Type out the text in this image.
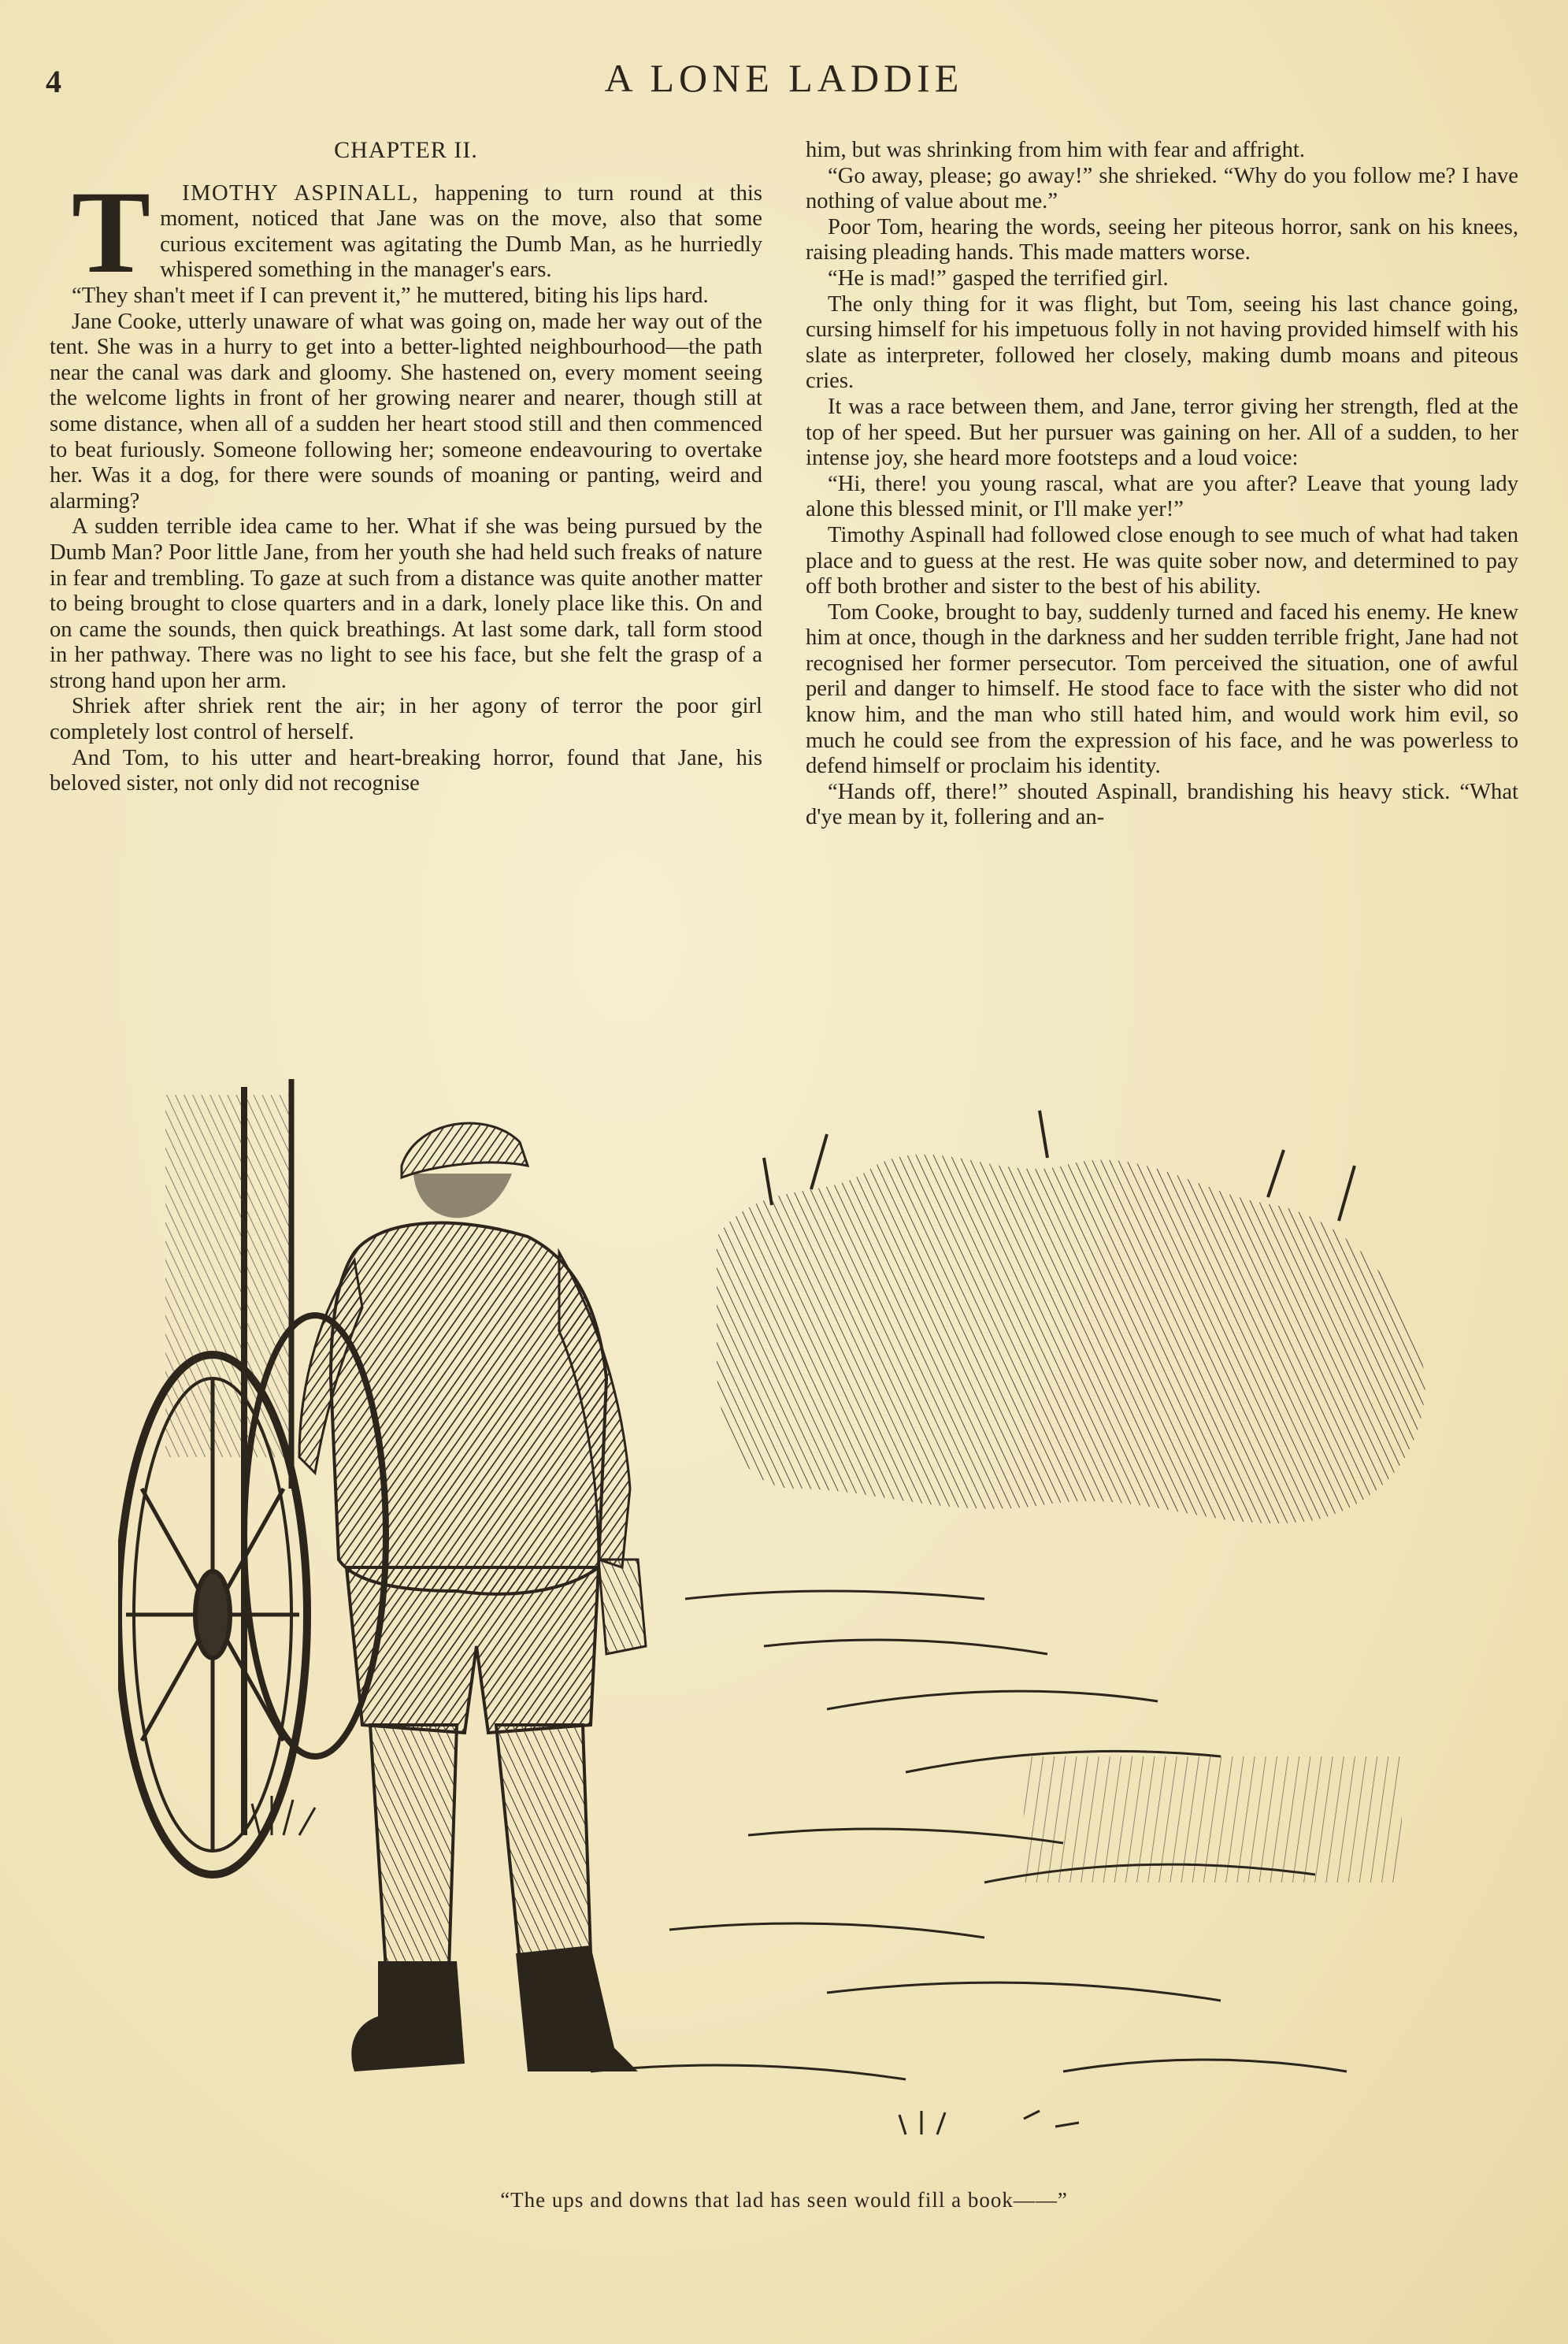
4	A LONE LADDIE
CHAPTER II.

T IMOTHY ASPINALL, happening to turn round at this moment, noticed that Jane was on the move, also that some curious excitement was agitating the Dumb Man, as he hurriedly whispered something in the manager's ears.

“They shan't meet if I can prevent it,” he muttered, biting his lips hard.

Jane Cooke, utterly unaware of what was going on, made her way out of the tent. She was in a hurry to get into a better-lighted neighbourhood—the path near the canal was dark and gloomy. She hastened on, every moment seeing the welcome lights in front of her growing nearer and nearer, though still at some distance, when all of a sudden her heart stood still and then commenced to beat furiously. Someone following her; someone endeavouring to overtake her. Was it a dog, for there were sounds of moaning or panting, weird and alarming?

A sudden terrible idea came to her. What if she was being pursued by the Dumb Man? Poor little Jane, from her youth she had held such freaks of nature in fear and trembling. To gaze at such from a distance was quite another matter to being brought to close quarters and in a dark, lonely place like this. On and on came the sounds, then quick breathings. At last some dark, tall form stood in her pathway. There was no light to see his face, but she felt the grasp of a strong hand upon her arm.

Shriek after shriek rent the air; in her agony of terror the poor girl completely lost control of herself.

And Tom, to his utter and heart-breaking horror, found that Jane, his beloved sister, not only did not recognise

him, but was shrinking from him with fear and affright.

“Go away, please; go away!” she shrieked. “Why do you follow me? I have nothing of value about me.”

Poor Tom, hearing the words, seeing her piteous horror, sank on his knees, raising pleading hands. This made matters worse.

“He is mad!” gasped the terrified girl.

The only thing for it was flight, but Tom, seeing his last chance going, cursing himself for his impetuous folly in not having provided himself with his slate as interpreter, followed her closely, making dumb moans and piteous cries.

It was a race between them, and Jane, terror giving her strength, fled at the top of her speed. But her pursuer was gaining on her. All of a sudden, to her intense joy, she heard more footsteps and a loud voice:

“Hi, there! you young rascal, what are you after? Leave that young lady alone this blessed minit, or I'll make yer!”

Timothy Aspinall had followed close enough to see much of what had taken place and to guess at the rest. He was quite sober now, and determined to pay off both brother and sister to the best of his ability.

Tom Cooke, brought to bay, suddenly turned and faced his enemy. He knew him at once, though in the darkness and her sudden terrible fright, Jane had not recognised her former persecutor. Tom perceived the situation, one of awful peril and danger to himself. He stood face to face with the sister who did not know him, and the man who still hated him, and would work him evil, so much he could see from the expression of his face, and he was powerless to defend himself or proclaim his identity.

“Hands off, there!” shouted Aspinall, brandishing his heavy stick. “What d'ye mean by it, follering and an-

“The ups and downs that lad has seen would fill a book——”
